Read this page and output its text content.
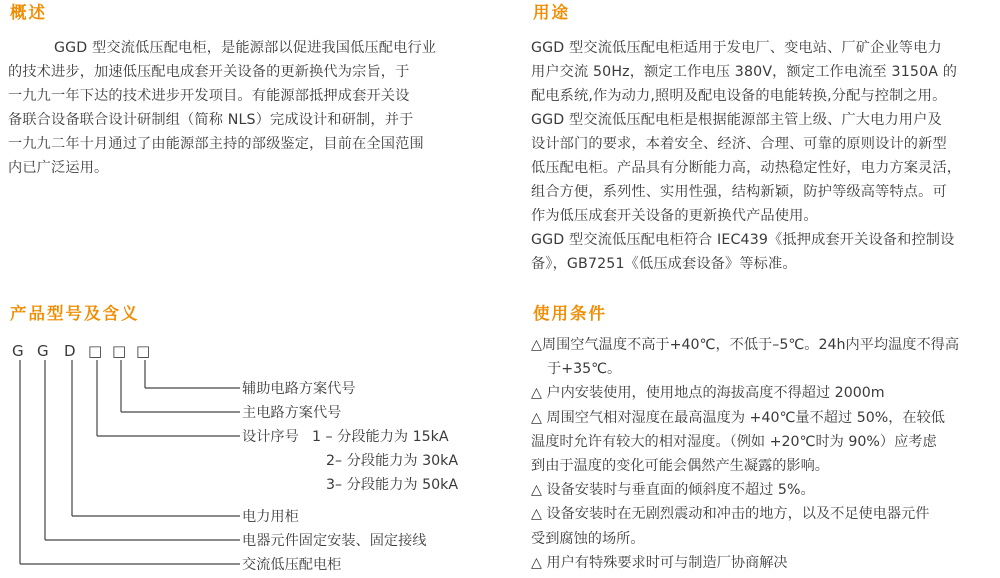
概述
GGD 型交流低压配电柜，是能源部以促进我国低压配电行业
的技术进步，加速低压配电成套开关设备的更新换代为宗旨，于
一九九一年下达的技术进步开发项目。有能源部抵押成套开关设
备联合设备联合设计研制组（简称 NLS）完成设计和研制，并于
一九九二年十月通过了由能源部主持的部级鉴定，目前在全国范围
内已广泛运用。
产品型号及含义
G G D □ □ □
辅助电路方案代号
主电路方案代号
设计序号 1 – 分段能力为 15kA
2– 分段能力为 30kA
3– 分段能力为 50kA
电力用柜
电器元件固定安装、固定接线
交流低压配电柜
用途
GGD 型交流低压配电柜适用于发电厂、变电站、厂矿企业等电力
用户交流 50Hz，额定工作电压 380V，额定工作电流至 3150A 的
配电系统,作为动力,照明及配电设备的电能转换,分配与控制之用。
GGD 型交流低压配电柜是根据能源部主管上级、广大电力用户及
设计部门的要求，本着安全、经济、合理、可靠的原则设计的新型
低压配电柜。产品具有分断能力高，动热稳定性好，电力方案灵活，
组合方便，系列性、实用性强，结构新颖，防护等级高等特点。可
作为低压成套开关设备的更新换代产品使用。
GGD 型交流低压配电柜符合 IEC439《抵押成套开关设备和控制设
备》，GB7251《低压成套设备》等标准。
使用条件
△周围空气温度不高于+40℃，不低于–5℃。24h内平均温度不得高
于+35℃。
△ 户内安装使用，使用地点的海拔高度不得超过 2000m
△ 周围空气相对湿度在最高温度为 +40℃量不超过 50%，在较低
温度时允许有较大的相对湿度。（例如 +20℃时为 90%）应考虑
到由于温度的变化可能会偶然产生凝露的影响。
△ 设备安装时与垂直面的倾斜度不超过 5%。
△ 设备安装时在无剧烈震动和冲击的地方，以及不足使电器元件
受到腐蚀的场所。
△ 用户有特殊要求时可与制造厂协商解决
